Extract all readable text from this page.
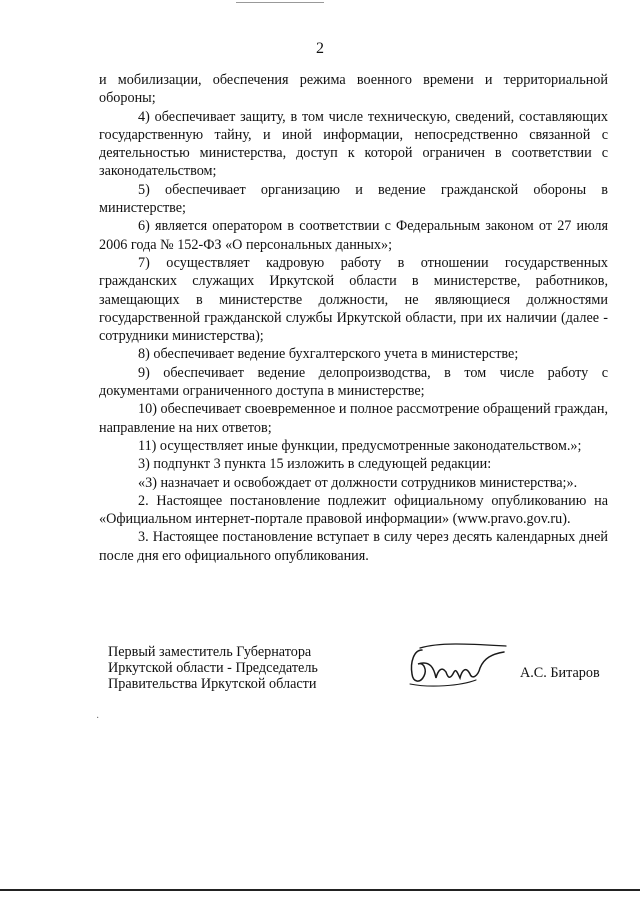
2

и мобилизации, обеспечения режима военного времени и территориальной обороны;

4) обеспечивает защиту, в том числе техническую, сведений, составляющих государственную тайну, и иной информации, непосредственно связанной с деятельностью министерства, доступ к которой ограничен в соответствии с законодательством;

5) обеспечивает организацию и ведение гражданской обороны в министерстве;

6) является оператором в соответствии с Федеральным законом от 27 июля 2006 года № 152-ФЗ «О персональных данных»;

7) осуществляет кадровую работу в отношении государственных гражданских служащих Иркутской области в министерстве, работников, замещающих в министерстве должности, не являющиеся должностями государственной гражданской службы Иркутской области, при их наличии (далее - сотрудники министерства);

8) обеспечивает ведение бухгалтерского учета в министерстве;

9) обеспечивает ведение делопроизводства, в том числе работу с документами ограниченного доступа в министерстве;

10) обеспечивает своевременное и полное рассмотрение обращений граждан, направление на них ответов;

11) осуществляет иные функции, предусмотренные законодательством.»;

3) подпункт 3 пункта 15 изложить в следующей редакции:

«3) назначает и освобождает от должности сотрудников министерства;».

2. Настоящее постановление подлежит официальному опубликованию на «Официальном интернет-портале правовой информации» (www.pravo.gov.ru).

3. Настоящее постановление вступает в силу через десять календарных дней после дня его официального опубликования.

Первый заместитель Губернатора

Иркутской области - Председатель

Правительства Иркутской области

А.С. Битаров
·
